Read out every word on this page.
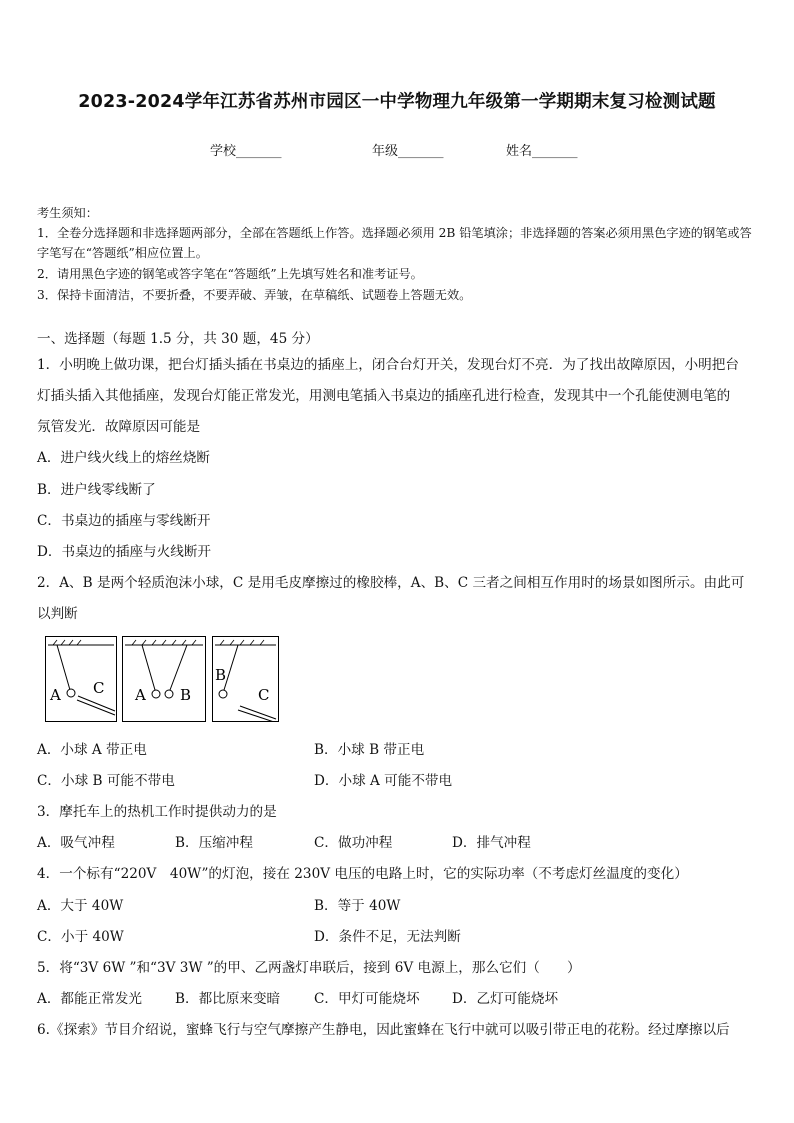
2023-2024学年江苏省苏州市园区一中学物理九年级第一学期期末复习检测试题
学校_______	年级_______	姓名_______
考生须知：
1．全卷分选择题和非选择题两部分，全部在答题纸上作答。选择题必须用 2B 铅笔填涂；非选择题的答案必须用黑色字迹的钢笔或答字笔写在“答题纸”相应位置上。
2．请用黑色字迹的钢笔或答字笔在“答题纸”上先填写姓名和准考证号。
3．保持卡面清洁，不要折叠，不要弄破、弄皱，在草稿纸、试题卷上答题无效。
一、选择题（每题 1.5 分，共 30 题，45 分）
1．小明晚上做功课，把台灯插头插在书桌边的插座上，闭合台灯开关，发现台灯不亮．为了找出故障原因，小明把台
灯插头插入其他插座，发现台灯能正常发光，用测电笔插入书桌边的插座孔进行检查，发现其中一个孔能使测电笔的
氖管发光．故障原因可能是
A．进户线火线上的熔丝烧断
B．进户线零线断了
C．书桌边的插座与零线断开
D．书桌边的插座与火线断开
2．A、B 是两个轻质泡沫小球，C 是用毛皮摩擦过的橡胶棒，A、B、C 三者之间相互作用时的场景如图所示。由此可
以判断
A C A B
B
C
A．小球 A 带正电	B．小球 B 带正电
C．小球 B 可能不带电	D．小球 A 可能不带电
3．摩托车上的热机工作时提供动力的是
A．吸气冲程	B．压缩冲程	C．做功冲程	D．排气冲程
4．一个标有“220V　40W”的灯泡，接在 230V 电压的电路上时，它的实际功率（不考虑灯丝温度的变化）
A．大于 40W	B．等于 40W
C．小于 40W	D．条件不足，无法判断
5．将“3V 6W ”和“3V 3W ”的甲、乙两盏灯串联后，接到 6V 电源上，那么它们（　　）
A．都能正常发光 B．都比原来变暗 C．甲灯可能烧坏 D．乙灯可能烧坏
6.《探索》节目介绍说，蜜蜂飞行与空气摩擦产生静电，因此蜜蜂在飞行中就可以吸引带正电的花粉。经过摩擦以后
